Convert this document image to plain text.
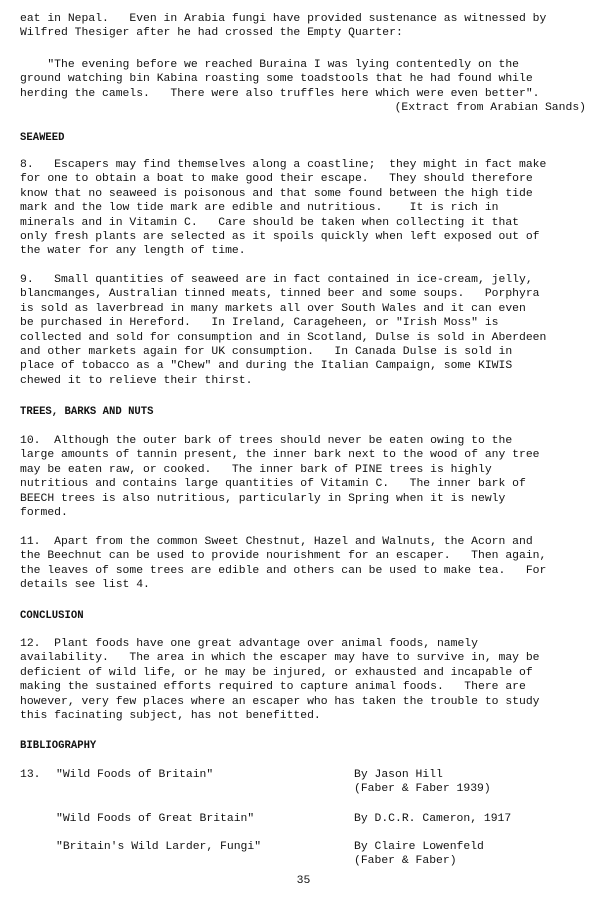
eat in Nepal.   Even in Arabia fungi have provided sustenance as witnessed by
Wilfred Thesiger after he had crossed the Empty Quarter:

"The evening before we reached Buraina I was lying contentedly on the
ground watching bin Kabina roasting some toadstools that he had found while
herding the camels.   There were also truffles here which were even better".

(Extract from Arabian Sands)

SEAWEED

8.   Escapers may find themselves along a coastline;  they might in fact make
for one to obtain a boat to make good their escape.   They should therefore
know that no seaweed is poisonous and that some found between the high tide
mark and the low tide mark are edible and nutritious.    It is rich in
minerals and in Vitamin C.   Care should be taken when collecting it that
only fresh plants are selected as it spoils quickly when left exposed out of
the water for any length of time.

9.   Small quantities of seaweed are in fact contained in ice-cream, jelly,
blancmanges, Australian tinned meats, tinned beer and some soups.   Porphyra
is sold as laverbread in many markets all over South Wales and it can even
be purchased in Hereford.   In Ireland, Carageheen, or "Irish Moss" is
collected and sold for consumption and in Scotland, Dulse is sold in Aberdeen
and other markets again for UK consumption.   In Canada Dulse is sold in
place of tobacco as a "Chew" and during the Italian Campaign, some KIWIS
chewed it to relieve their thirst.

TREES, BARKS AND NUTS

10.  Although the outer bark of trees should never be eaten owing to the
large amounts of tannin present, the inner bark next to the wood of any tree
may be eaten raw, or cooked.   The inner bark of PINE trees is highly
nutritious and contains large quantities of Vitamin C.   The inner bark of
BEECH trees is also nutritious, particularly in Spring when it is newly
formed.

11.  Apart from the common Sweet Chestnut, Hazel and Walnuts, the Acorn and
the Beechnut can be used to provide nourishment for an escaper.   Then again,
the leaves of some trees are edible and others can be used to make tea.   For
details see list 4.

CONCLUSION

12.  Plant foods have one great advantage over animal foods, namely
availability.   The area in which the escaper may have to survive in, may be
deficient of wild life, or he may be injured, or exhausted and incapable of
making the sustained efforts required to capture animal foods.   There are
however, very few places where an escaper who has taken the trouble to study
this facinating subject, has not benefitted.

BIBLIOGRAPHY
13. "Wild Foods of Britain"	By Jason Hill
(Faber & Faber 1939)
"Wild Foods of Great Britain"	By D.C.R. Cameron, 1917
"Britain's Wild Larder, Fungi"	By Claire Lowenfeld
(Faber & Faber)
35
